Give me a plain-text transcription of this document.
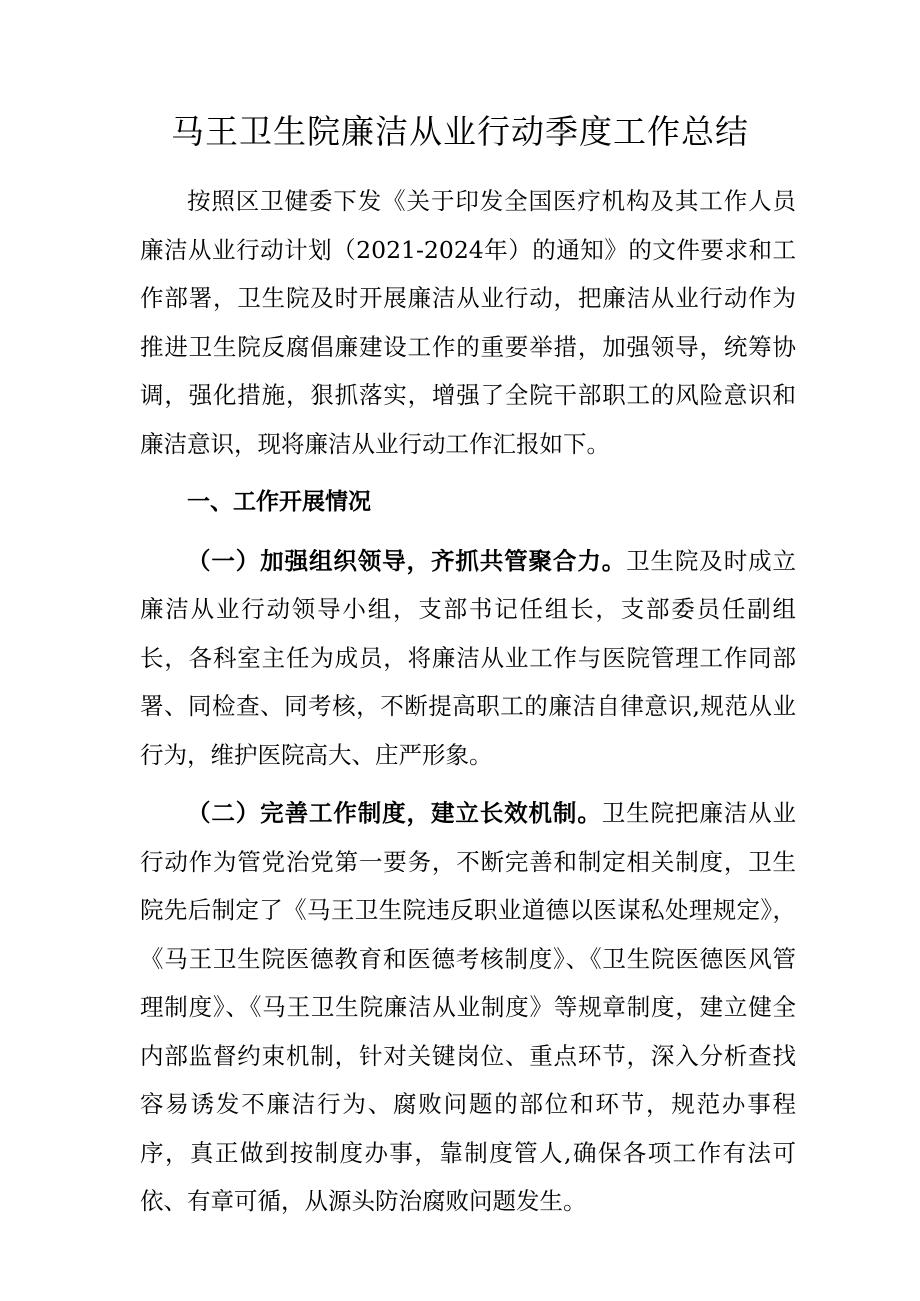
马王卫生院廉洁从业行动季度工作总结

按照区卫健委下发《关于印发全国医疗机构及其工作人员廉洁从业行动计划（2021-2024年）的通知》的文件要求和工作部署，卫生院及时开展廉洁从业行动，把廉洁从业行动作为推进卫生院反腐倡廉建设工作的重要举措，加强领导，统筹协调，强化措施，狠抓落实，增强了全院干部职工的风险意识和廉洁意识，现将廉洁从业行动工作汇报如下。

一、工作开展情况

（一）加强组织领导，齐抓共管聚合力。卫生院及时成立廉洁从业行动领导小组，支部书记任组长，支部委员任副组长，各科室主任为成员，将廉洁从业工作与医院管理工作同部署、同检查、同考核，不断提高职工的廉洁自律意识,规范从业行为，维护医院高大、庄严形象。

（二）完善工作制度，建立长效机制。卫生院把廉洁从业行动作为管党治党第一要务，不断完善和制定相关制度，卫生院先后制定了《马王卫生院违反职业道德以医谋私处理规定》，《马王卫生院医德教育和医德考核制度》、《卫生院医德医风管理制度》、《马王卫生院廉洁从业制度》等规章制度，建立健全内部监督约束机制，针对关键岗位、重点环节，深入分析查找容易诱发不廉洁行为、腐败问题的部位和环节，规范办事程序，真正做到按制度办事，靠制度管人,确保各项工作有法可依、有章可循，从源头防治腐败问题发生。
